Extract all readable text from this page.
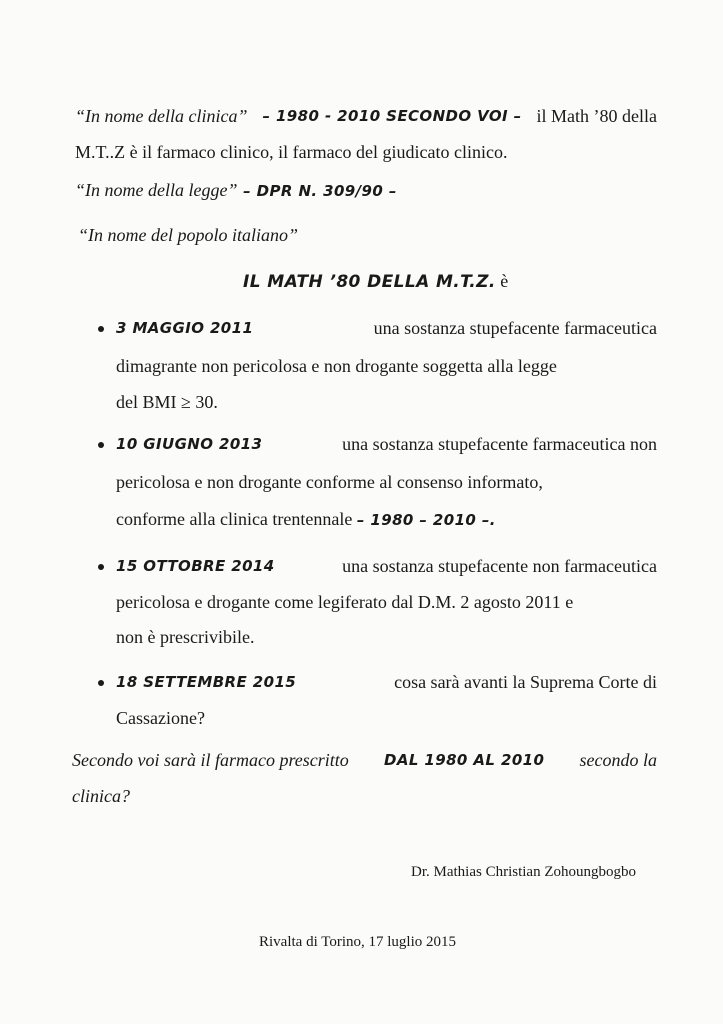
“In nome della clinica” – 1980 - 2010 SECONDO VOI – il Math ’80 della
M.T..Z è il farmaco clinico, il farmaco del giudicato clinico.
“In nome della legge” – DPR N. 309/90 –
“In nome del popolo italiano”
IL MATH ’80 DELLA M.T.Z. è
3 MAGGIO 2011	una sostanza stupefacente farmaceutica
dimagrante non pericolosa e non drogante soggetta alla legge
del BMI ≥ 30.
10 GIUGNO 2013	una sostanza stupefacente farmaceutica non
pericolosa e non drogante conforme al consenso informato,
conforme alla clinica trentennale – 1980 – 2010 –.
15 OTTOBRE 2014	una sostanza stupefacente non farmaceutica
pericolosa e drogante come legiferato dal D.M. 2 agosto 2011 e
non è prescrivibile.
18 SETTEMBRE 2015	cosa sarà avanti la Suprema Corte di
Cassazione?
Secondo voi sarà il farmaco prescritto DAL 1980 AL 2010 secondo la
clinica?
Dr. Mathias Christian Zohoungbogbo
Rivalta di Torino, 17 luglio 2015
